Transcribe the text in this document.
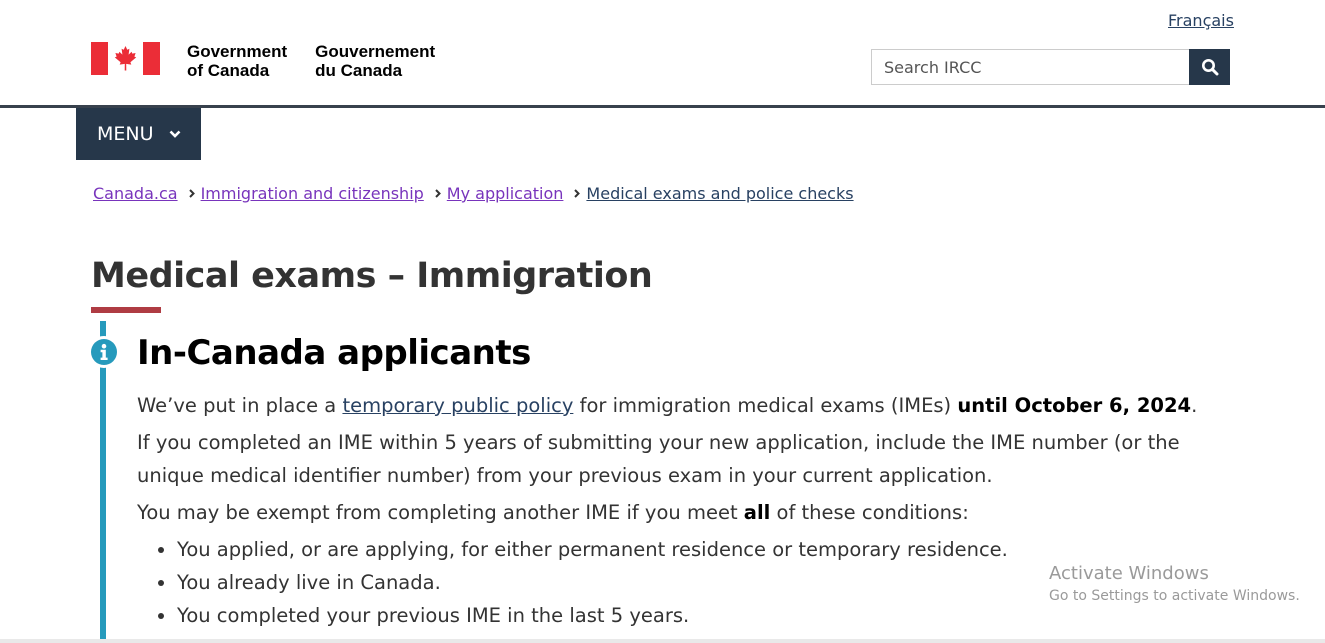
Français
Government
of Canada
Gouvernement
du Canada
Search IRCC
MENU
Canada.ca Immigration and citizenship My application Medical exams and police checks
Medical exams – Immigration
In-Canada applicants

We’ve put in place a temporary public policy for immigration medical exams (IMEs) until October 6, 2024.

If you completed an IME within 5 years of submitting your new application, include the IME number (or the unique medical identifier number) from your previous exam in your current application.

You may be exempt from completing another IME if you meet all of these conditions:

• You applied, or are applying, for either permanent residence or temporary residence.
• You already live in Canada.
• You completed your previous IME in the last 5 years.
Activate Windows
Go to Settings to activate Windows.
